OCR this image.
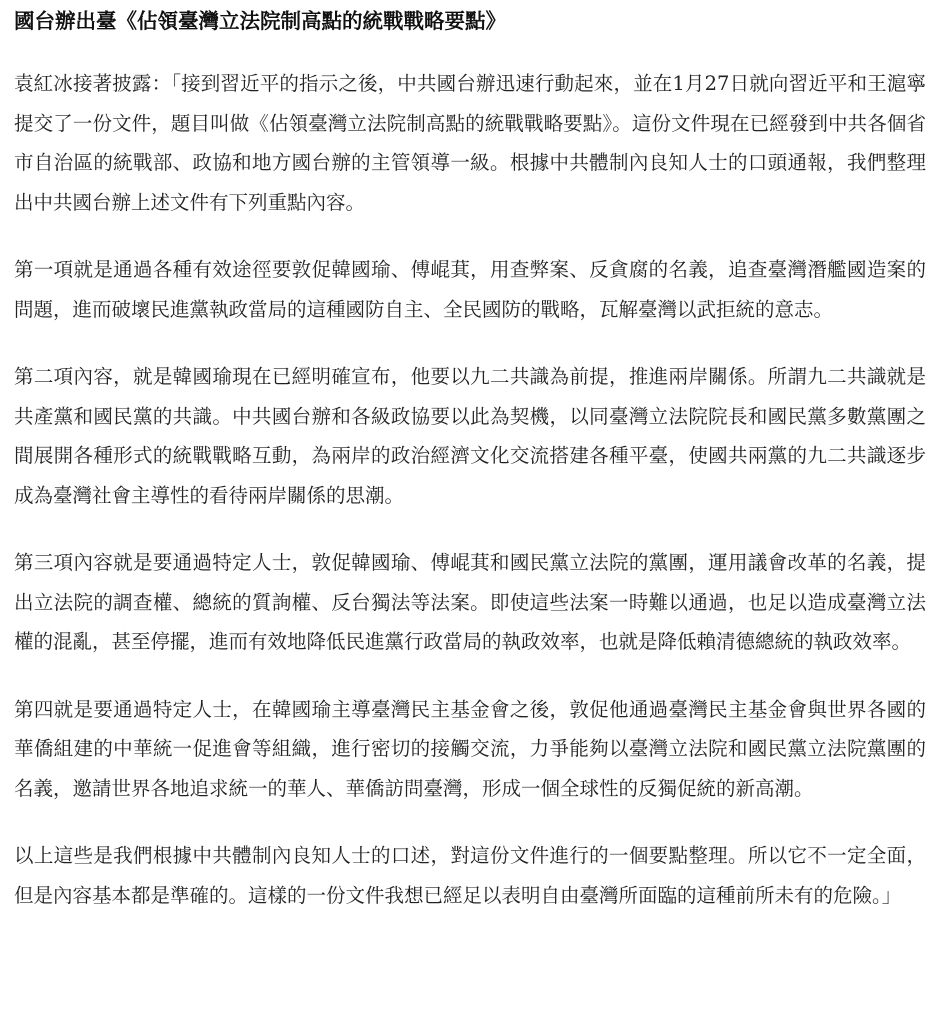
國台辦出臺《佔領臺灣立法院制高點的統戰戰略要點》

袁紅冰接著披露：「接到習近平的指示之後，中共國台辦迅速行動起來，並在1月27日就向習近平和王滬寧提交了一份文件，題目叫做《佔領臺灣立法院制高點的統戰戰略要點》。這份文件現在已經發到中共各個省市自治區的統戰部、政協和地方國台辦的主管領導一級。根據中共體制內良知人士的口頭通報，我們整理出中共國台辦上述文件有下列重點內容。

第一項就是通過各種有效途徑要敦促韓國瑜、傅崐萁，用查弊案、反貪腐的名義，追查臺灣潛艦國造案的問題，進而破壞民進黨執政當局的這種國防自主、全民國防的戰略，瓦解臺灣以武拒統的意志。

第二項內容，就是韓國瑜現在已經明確宣布，他要以九二共識為前提，推進兩岸關係。所謂九二共識就是共產黨和國民黨的共識。中共國台辦和各級政協要以此為契機，以同臺灣立法院院長和國民黨多數黨團之間展開各種形式的統戰戰略互動，為兩岸的政治經濟文化交流搭建各種平臺，使國共兩黨的九二共識逐步成為臺灣社會主導性的看待兩岸關係的思潮。

第三項內容就是要通過特定人士，敦促韓國瑜、傅崐萁和國民黨立法院的黨團，運用議會改革的名義，提出立法院的調查權、總統的質詢權、反台獨法等法案。即使這些法案一時難以通過，也足以造成臺灣立法權的混亂，甚至停擺，進而有效地降低民進黨行政當局的執政效率，也就是降低賴清德總統的執政效率。

第四就是要通過特定人士，在韓國瑜主導臺灣民主基金會之後，敦促他通過臺灣民主基金會與世界各國的華僑組建的中華統一促進會等組織，進行密切的接觸交流，力爭能夠以臺灣立法院和國民黨立法院黨團的名義，邀請世界各地追求統一的華人、華僑訪問臺灣，形成一個全球性的反獨促統的新高潮。

以上這些是我們根據中共體制內良知人士的口述，對這份文件進行的一個要點整理。所以它不一定全面，但是內容基本都是準確的。這樣的一份文件我想已經足以表明自由臺灣所面臨的這種前所未有的危險。」
